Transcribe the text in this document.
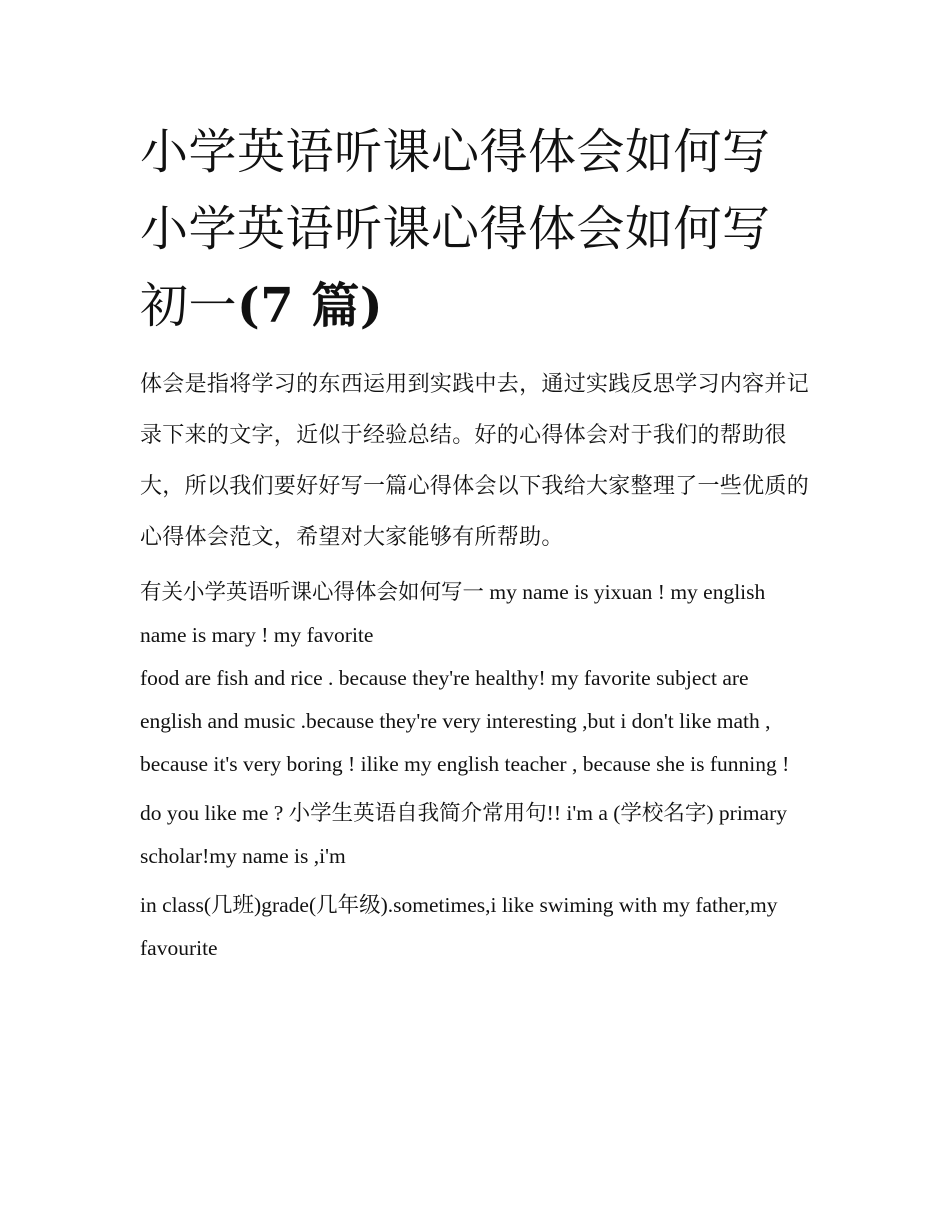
小学英语听课心得体会如何写
小学英语听课心得体会如何写
初一(7 篇)

体会是指将学习的东西运用到实践中去，通过实践反思学习内容并记录下来的文字，近似于经验总结。好的心得体会对于我们的帮助很大，所以我们要好好写一篇心得体会以下我给大家整理了一些优质的心得体会范文，希望对大家能够有所帮助。

有关小学英语听课心得体会如何写一 my name is yixuan ! my english name is mary ! my favorite

food are fish and rice . because they're healthy! my favorite subject are

english and music .because they're very interesting ,but i don't like math ,

because it's very boring ! ilike my english teacher , because she is funning !

do you like me ? 小学生英语自我简介常用句!! i'm a (学校名字) primary scholar!my name is ,i'm

in class(几班)grade(几年级).sometimes,i like swiming with my father,my favourite
